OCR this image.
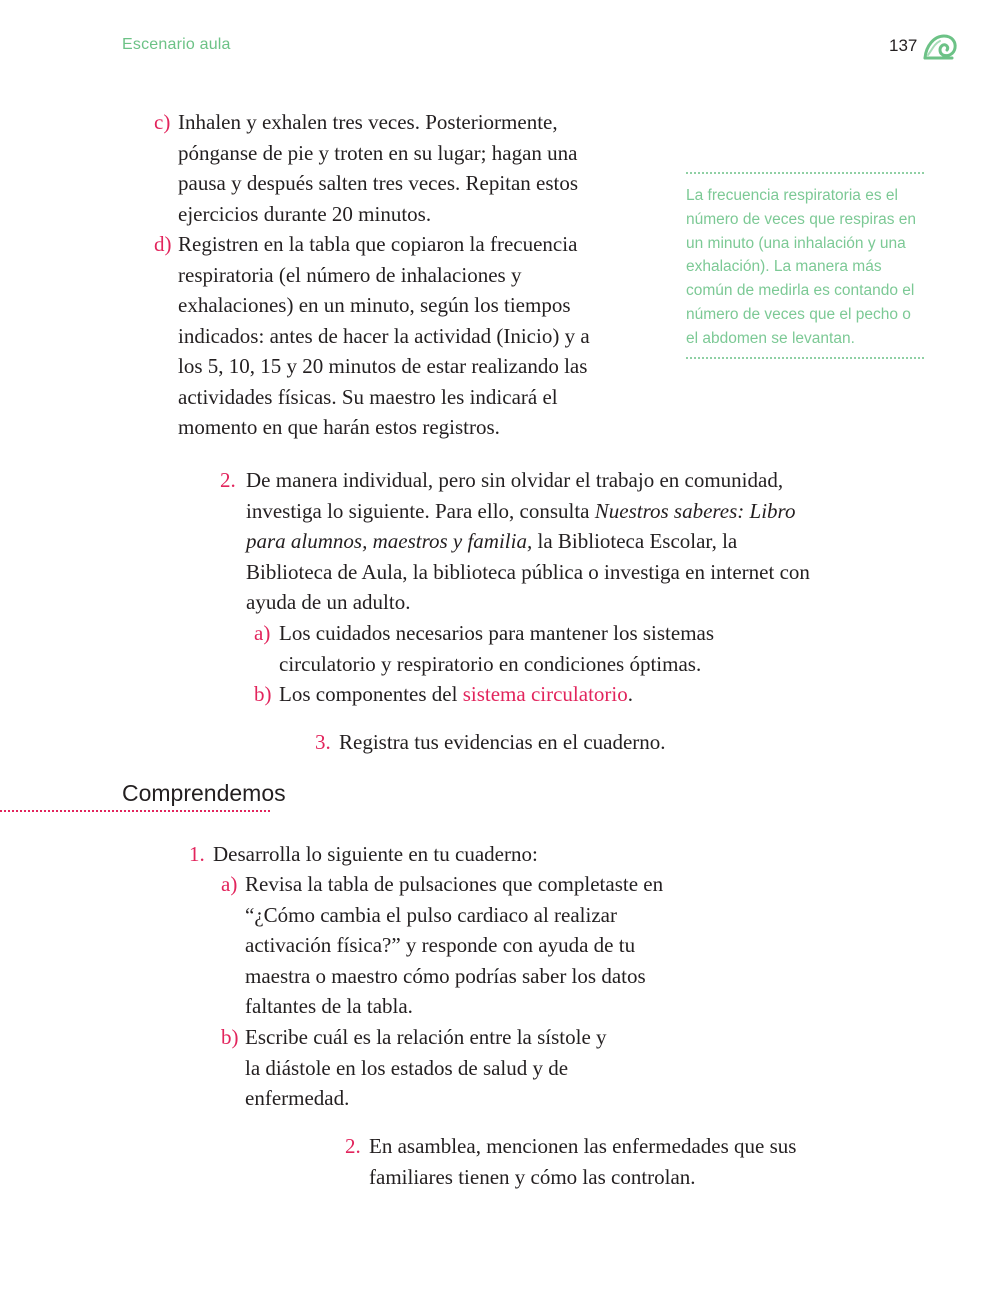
Escenario aula	137
c) Inhalen y exhalen tres veces. Posteriormente, pónganse de pie y troten en su lugar; hagan una pausa y después salten tres veces. Repitan estos ejercicios durante 20 minutos.
d) Registren en la tabla que copiaron la frecuencia respiratoria (el número de inhalaciones y exhalaciones) en un minuto, según los tiempos indicados: antes de hacer la actividad (Inicio) y a los 5, 10, 15 y 20 minutos de estar realizando las actividades físicas. Su maestro les indicará el momento en que harán estos registros.
La frecuencia respiratoria es el número de veces que respiras en un minuto (una inhalación y una exhalación). La manera más común de medirla es contando el número de veces que el pecho o el abdomen se levantan.
2. De manera individual, pero sin olvidar el trabajo en comunidad, investiga lo siguiente. Para ello, consulta Nuestros saberes: Libro para alumnos, maestros y familia, la Biblioteca Escolar, la Biblioteca de Aula, la biblioteca pública o investiga en internet con ayuda de un adulto.
a) Los cuidados necesarios para mantener los sistemas circulatorio y respiratorio en condiciones óptimas.
b) Los componentes del sistema circulatorio.
3. Registra tus evidencias en el cuaderno.
Comprendemos
1. Desarrolla lo siguiente en tu cuaderno:
a) Revisa la tabla de pulsaciones que completaste en “¿Cómo cambia el pulso cardiaco al realizar activación física?” y responde con ayuda de tu maestra o maestro cómo podrías saber los datos faltantes de la tabla.
b) Escribe cuál es la relación entre la sístole y la diástole en los estados de salud y de enfermedad.
2. En asamblea, mencionen las enfermedades que sus familiares tienen y cómo las controlan.
